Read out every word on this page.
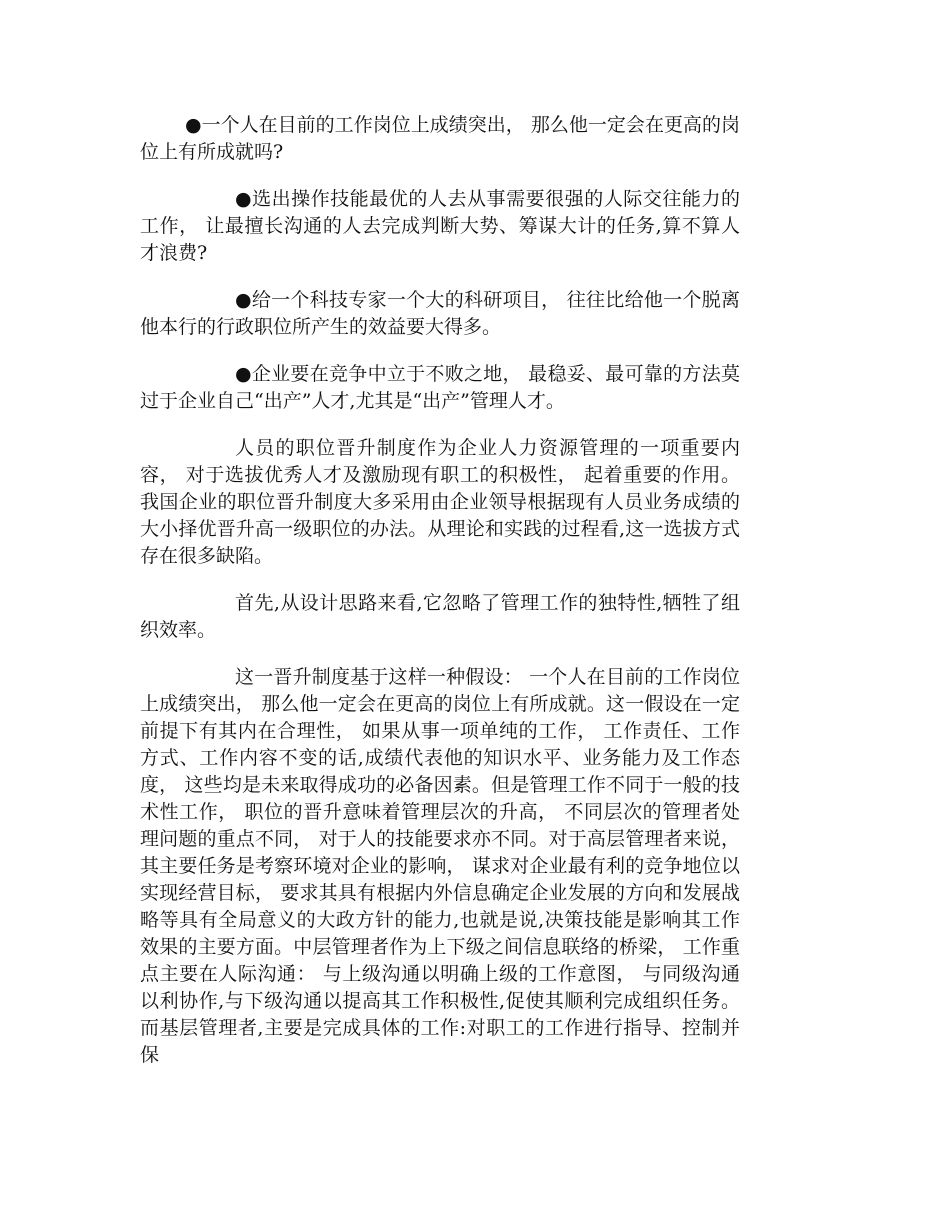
●一个人在目前的工作岗位上成绩突出， 那么他一定会在更高的岗位上有所成就吗?

●选出操作技能最优的人去从事需要很强的人际交往能力的工作， 让最擅长沟通的人去完成判断大势、筹谋大计的任务,算不算人才浪费?

●给一个科技专家一个大的科研项目， 往往比给他一个脱离他本行的行政职位所产生的效益要大得多。

●企业要在竞争中立于不败之地， 最稳妥、最可靠的方法莫过于企业自己“出产”人才,尤其是“出产”管理人才。

人员的职位晋升制度作为企业人力资源管理的一项重要内容， 对于选拔优秀人才及激励现有职工的积极性， 起着重要的作用。我国企业的职位晋升制度大多采用由企业领导根据现有人员业务成绩的大小择优晋升高一级职位的办法。从理论和实践的过程看,这一选拔方式存在很多缺陷。

首先,从设计思路来看,它忽略了管理工作的独特性,牺牲了组织效率。

这一晋升制度基于这样一种假设： 一个人在目前的工作岗位上成绩突出， 那么他一定会在更高的岗位上有所成就。这一假设在一定前提下有其内在合理性， 如果从事一项单纯的工作， 工作责任、工作方式、工作内容不变的话,成绩代表他的知识水平、业务能力及工作态度， 这些均是未来取得成功的必备因素。但是管理工作不同于一般的技术性工作， 职位的晋升意味着管理层次的升高， 不同层次的管理者处理问题的重点不同， 对于人的技能要求亦不同。对于高层管理者来说， 其主要任务是考察环境对企业的影响， 谋求对企业最有利的竞争地位以实现经营目标， 要求其具有根据内外信息确定企业发展的方向和发展战略等具有全局意义的大政方针的能力,也就是说,决策技能是影响其工作效果的主要方面。中层管理者作为上下级之间信息联络的桥梁， 工作重点主要在人际沟通： 与上级沟通以明确上级的工作意图， 与同级沟通以利协作,与下级沟通以提高其工作积极性,促使其顺利完成组织任务。而基层管理者,主要是完成具体的工作:对职工的工作进行指导、控制并保
